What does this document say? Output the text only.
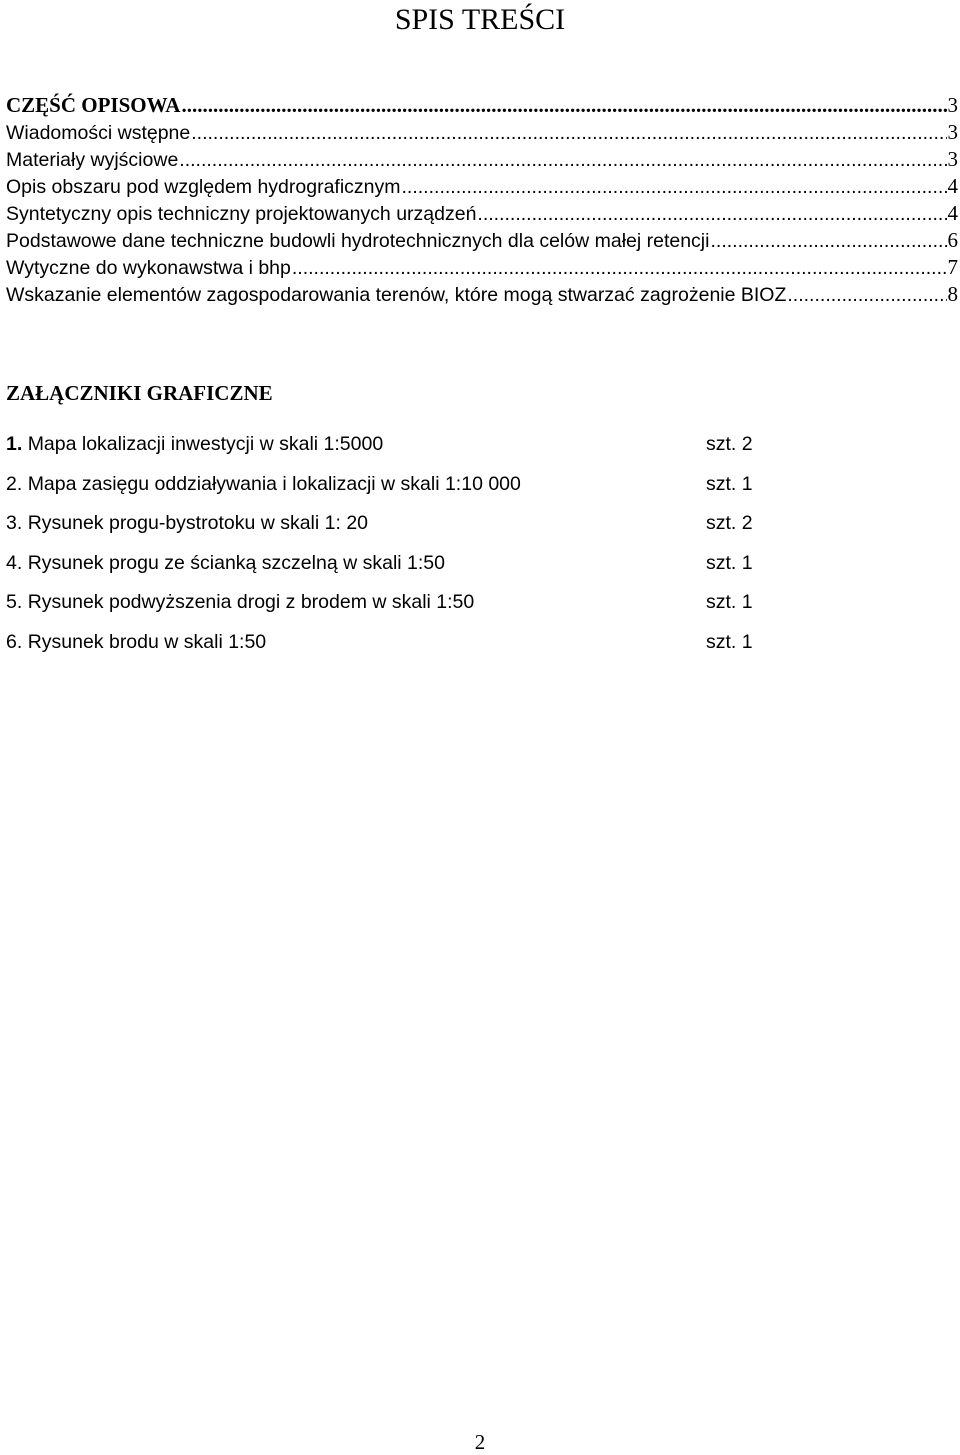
SPIS TREŚCI
CZĘŚĆ OPISOWA .....	3
Wiadomości wstępne .....	3
Materiały wyjściowe .....	3
Opis obszaru pod względem hydrograficznym .....	4
Syntetyczny opis techniczny projektowanych urządzeń .....	4
Podstawowe dane techniczne budowli hydrotechnicznych dla celów małej retencji .....	6
Wytyczne do wykonawstwa i bhp .....	7
Wskazanie elementów zagospodarowania terenów, które mogą stwarzać zagrożenie BIOZ .....	8
ZAŁĄCZNIKI GRAFICZNE
1. Mapa lokalizacji inwestycji w skali 1:5000	szt. 2
2. Mapa zasięgu oddziaływania i lokalizacji w skali 1:10 000	szt. 1
3. Rysunek progu-bystrotoku w skali 1: 20	szt. 2
4. Rysunek progu ze ścianką szczelną w skali 1:50	szt. 1
5. Rysunek podwyższenia drogi z brodem w skali 1:50	szt. 1
6. Rysunek brodu w skali 1:50	szt. 1
2
